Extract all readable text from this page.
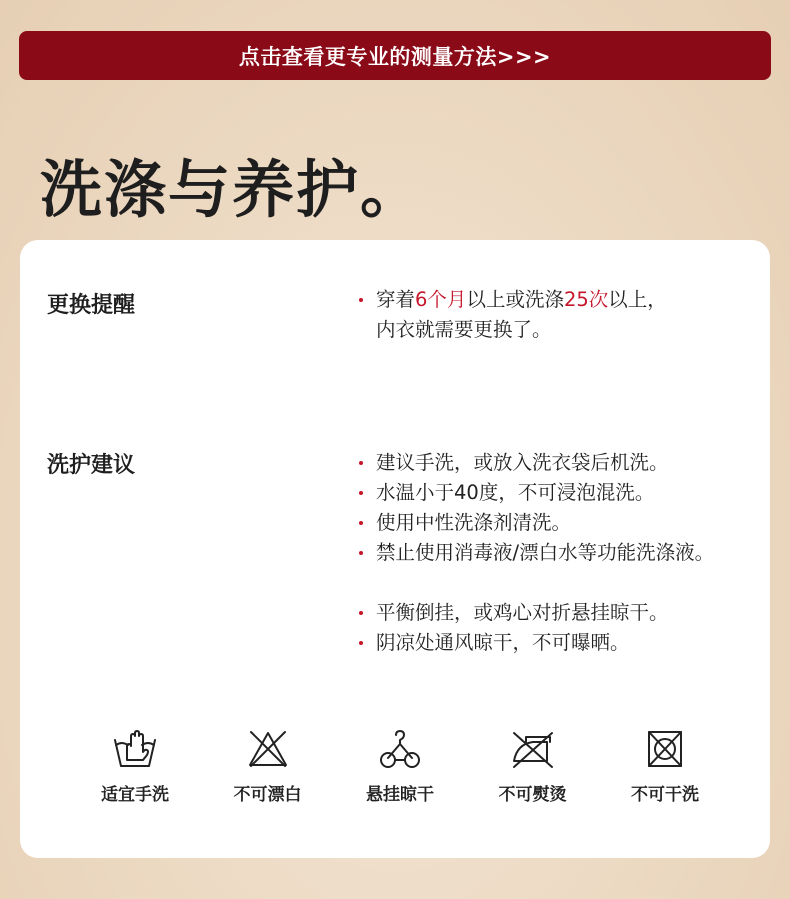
点击查看更专业的测量方法>>>
洗涤与养护。
更换提醒	穿着6个月以上或洗涤25次以上，
内衣就需要更换了。
洗护建议	建议手洗，或放入洗衣袋后机洗。
水温小于40度，不可浸泡混洗。
使用中性洗涤剂清洗。
禁止使用消毒液/漂白水等功能洗涤液。
平衡倒挂，或鸡心对折悬挂晾干。
阴凉处通风晾干，不可曝晒。
适宜手洗	不可漂白	悬挂晾干	不可熨烫	不可干洗
